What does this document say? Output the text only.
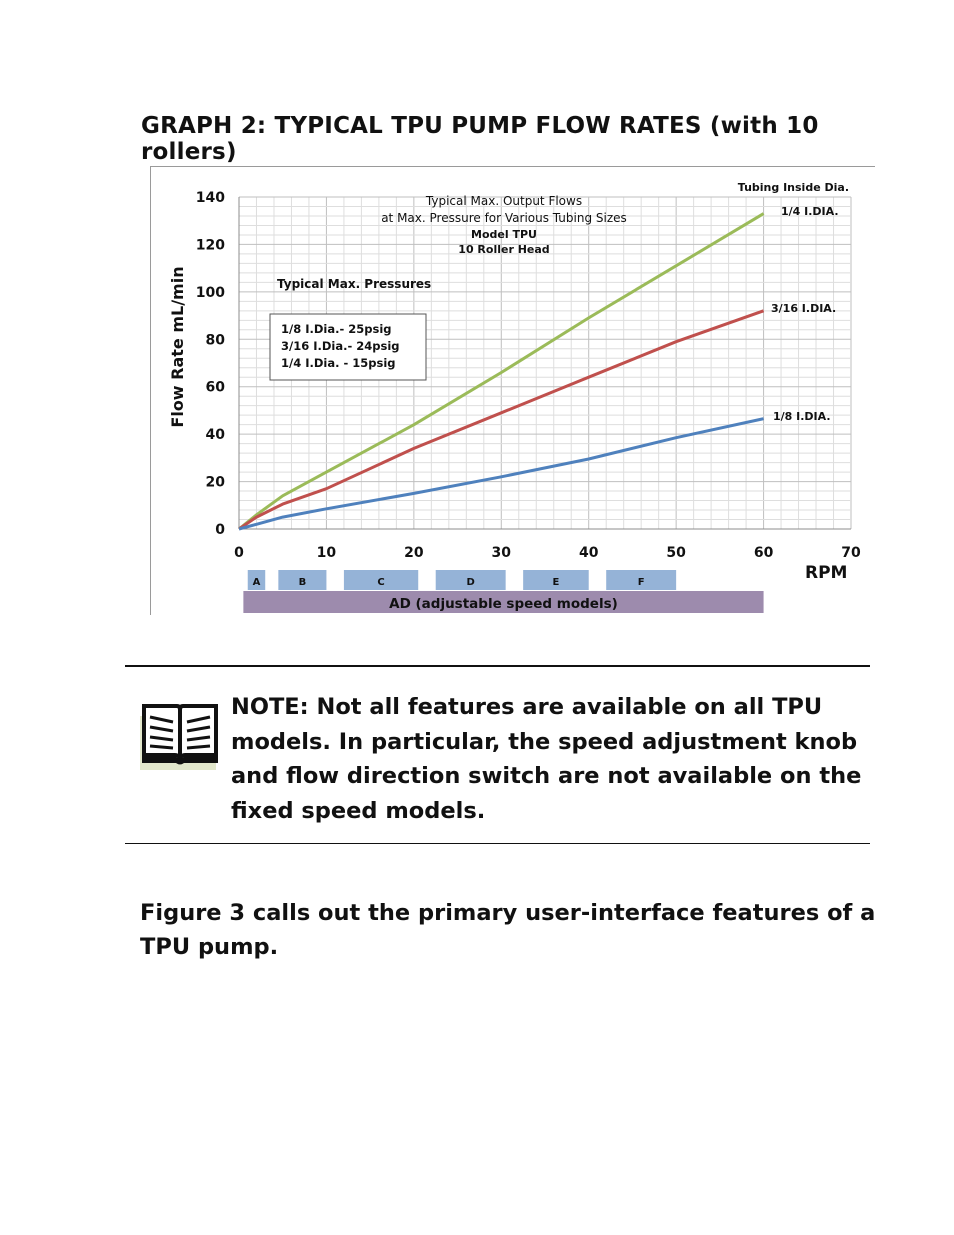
GRAPH 2: TYPICAL TPU PUMP FLOW RATES (with 10 rollers)
0	10	20	30	40	50	60	70
0
20
40
60
80
100
120
140
RPM
Flow Rate mL/min
Typical Max. Output Flows
at Max. Pressure for Various Tubing Sizes
Model TPU
10 Roller Head
Tubing Inside Dia.
1/4 I.DIA.
3/16 I.DIA.
1/8 I.DIA.
Typical Max. Pressures
1/8 I.Dia.- 25psig
3/16 I.Dia.- 24psig
1/4 I.Dia. - 15psig
A	B	C	D	E	F
AD (adjustable speed models)

NOTE: Not all features are available on all TPU models. In particular, the speed adjustment knob and flow direction switch are not available on the fixed speed models.

Figure 3 calls out the primary user-interface features of a TPU pump.
